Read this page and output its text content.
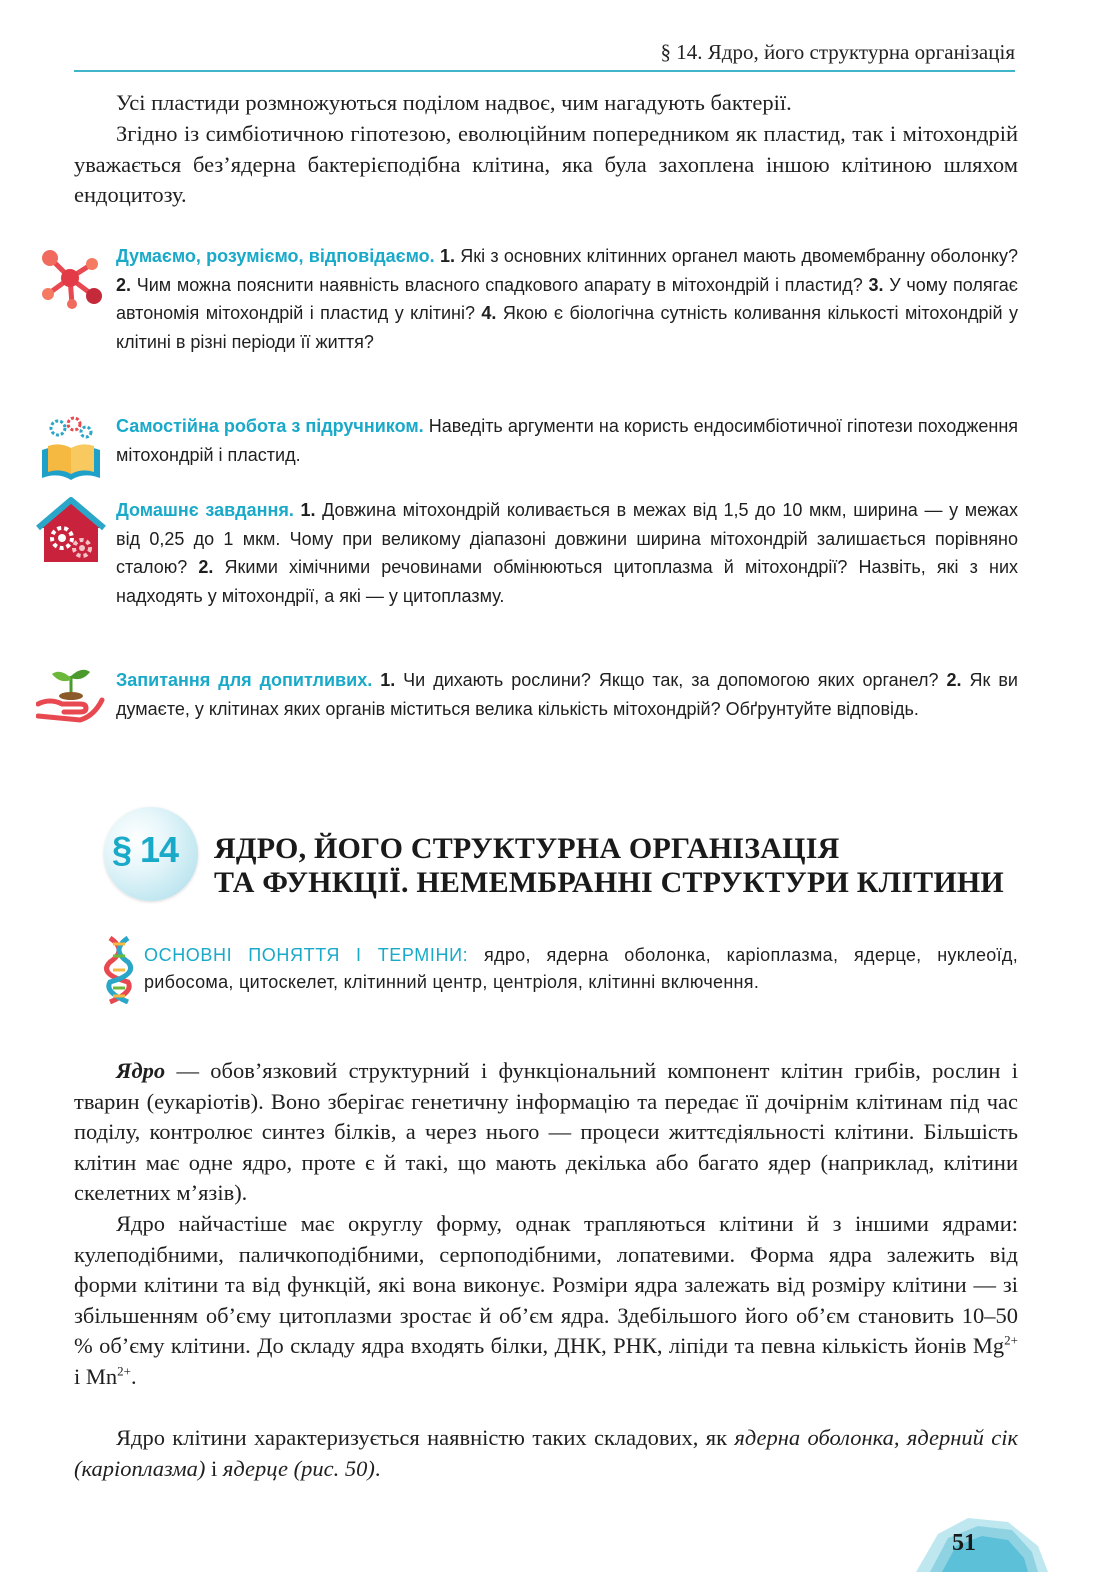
§ 14. Ядро, його структурна організація

Усі пластиди розмножуються поділом надвоє, чим нагадують бактерії.

Згідно із симбіотичною гіпотезою, еволюційним попередником як пластид, так і мітохондрій уважається без’ядерна бактерієподібна клітина, яка була захоплена іншою клітиною шляхом ендоцитозу.

Думаємо, розуміємо, відповідаємо. 1. Які з основних клітинних органел мають двомембранну оболонку? 2. Чим можна пояснити наявність власного спадкового апарату в мітохондрій і пластид? 3. У чому полягає автономія мітохондрій і пластид у клітині? 4. Якою є біологічна сутність коливання кількості мітохондрій у клітині в різні періоди її життя?
Самостійна робота з підручником. Наведіть аргументи на користь ендосимбіотичної гіпотези походження мітохондрій і пластид.
Домашнє завдання. 1. Довжина мітохондрій коливається в межах від 1,5 до 10 мкм, ширина — у межах від 0,25 до 1 мкм. Чому при великому діапазоні довжини ширина мітохондрій залишається порівняно сталою? 2. Якими хімічними речовинами обмінюються цитоплазма й мітохондрії? Назвіть, які з них надходять у мітохондрії, а які — у цитоплазму.
Запитання для допитливих. 1. Чи дихають рослини? Якщо так, за допомогою яких органел? 2. Як ви думаєте, у клітинах яких органів міститься велика кількість мітохондрій? Обґрунтуйте відповідь.
§ 14 ЯДРО, ЙОГО СТРУКТУРНА ОРГАНІЗАЦІЯ
ТА ФУНКЦІЇ. НЕМЕМБРАННІ СТРУКТУРИ КЛІТИНИ
ОСНОВНІ ПОНЯТТЯ І ТЕРМІНИ: ядро, ядерна оболонка, каріоплазма, ядерце, нуклеоїд, рибосома, цитоскелет, клітинний центр, центріоля, клітинні включення.

Ядро — обов’язковий структурний і функціональний компонент клітин грибів, рослин і тварин (еукаріотів). Воно зберігає генетичну інформацію та передає її дочірнім клітинам під час поділу, контролює синтез білків, а через нього — процеси життєдіяльності клітини. Більшість клітин має одне ядро, проте є й такі, що мають декілька або багато ядер (наприклад, клітини скелетних м’язів).

Ядро найчастіше має округлу форму, однак трапляються клітини й з іншими ядрами: кулеподібними, паличкоподібними, серпоподібними, лопатевими. Форма ядра залежить від форми клітини та від функцій, які вона виконує. Розміри ядра залежать від розміру клітини — зі збільшенням об’єму цитоплазми зростає й об’єм ядра. Здебільшого його об’єм становить 10–50 % об’єму клітини. До складу ядра входять білки, ДНК, РНК, ліпіди та певна кількість йонів $Mg^{2+}$ і $Mn^{2+}$.

Ядро клітини характеризується наявністю таких складових, як ядерна оболонка, ядерний сік (каріоплазма) і ядерце (рис. 50).

51
